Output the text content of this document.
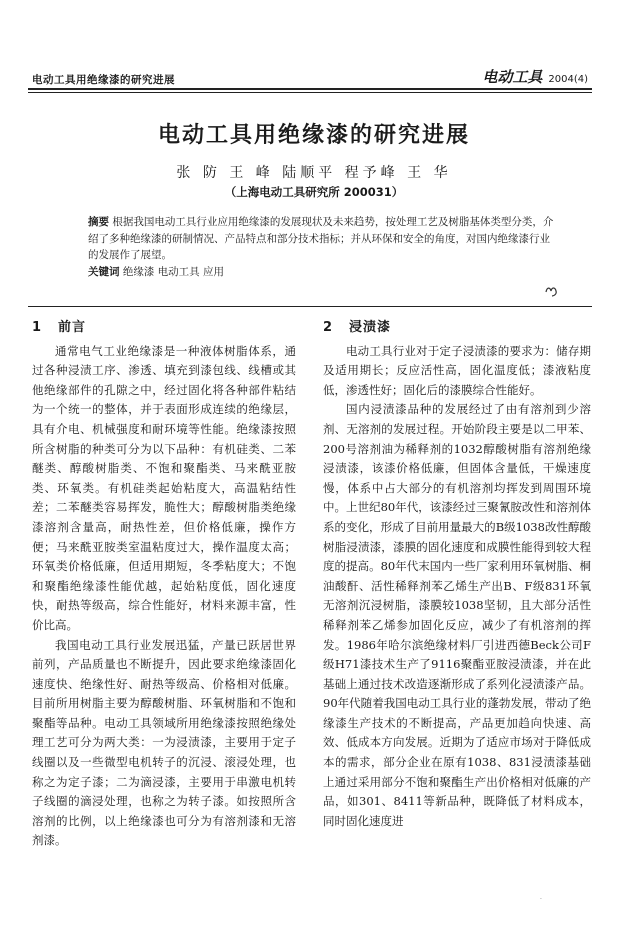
电动工具用绝缘漆的研究进展	电动工具 2004(4)
电动工具用绝缘漆的研究进展
张 防 王 峰 陆顺平 程予峰 王 华
（上海电动工具研究所 200031）
摘要 根据我国电动工具行业应用绝缘漆的发展现状及未来趋势，按处理工艺及树脂基体类型分类，介绍了多种绝缘漆的研制情况、产品特点和部分技术指标；并从环保和安全的角度，对国内绝缘漆行业的发展作了展望。
关键词 绝缘漆 电动工具 应用
1 前言

通常电气工业绝缘漆是一种液体树脂体系，通过各种浸渍工序、渗透、填充到漆包线、线槽或其他绝缘部件的孔隙之中，经过固化将各种部件粘结为一个统一的整体，并于表面形成连续的绝缘层，具有介电、机械强度和耐环境等性能。绝缘漆按照所含树脂的种类可分为以下品种：有机硅类、二苯醚类、醇酸树脂类、不饱和聚酯类、马来酰亚胺类、环氧类。有机硅类起始粘度大，高温粘结性差；二苯醚类容易挥发，脆性大；醇酸树脂类绝缘漆溶剂含量高，耐热性差，但价格低廉，操作方便；马来酰亚胺类室温粘度过大，操作温度太高；环氧类价格低廉，但适用期短，冬季粘度大；不饱和聚酯绝缘漆性能优越，起始粘度低，固化速度快，耐热等级高，综合性能好，材料来源丰富，性价比高。

我国电动工具行业发展迅猛，产量已跃居世界前列，产品质量也不断提升，因此要求绝缘漆固化速度快、绝缘性好、耐热等级高、价格相对低廉。目前所用树脂主要为醇酸树脂、环氧树脂和不饱和聚酯等品种。电动工具领域所用绝缘漆按照绝缘处理工艺可分为两大类：一为浸渍漆，主要用于定子线圈以及一些微型电机转子的沉浸、滚浸处理，也称之为定子漆；二为滴浸漆，主要用于串激电机转子线圈的滴浸处理，也称之为转子漆。如按照所含溶剂的比例，以上绝缘漆也可分为有溶剂漆和无溶剂漆。

2 浸渍漆

电动工具行业对于定子浸渍漆的要求为：储存期及适用期长；反应活性高，固化温度低；漆液粘度低，渗透性好；固化后的漆膜综合性能好。

国内浸渍漆品种的发展经过了由有溶剂到少溶剂、无溶剂的发展过程。开始阶段主要是以二甲苯、200号溶剂油为稀释剂的1032醇酸树脂有溶剂绝缘浸渍漆，该漆价格低廉，但固体含量低，干燥速度慢，体系中占大部分的有机溶剂均挥发到周围环境中。上世纪80年代，该漆经过三聚氰胺改性和溶剂体系的变化，形成了目前用量最大的B级1038改性醇酸树脂浸渍漆，漆膜的固化速度和成膜性能得到较大程度的提高。80年代末国内一些厂家利用环氧树脂、桐油酸酐、活性稀释剂苯乙烯生产出B、F级831环氧无溶剂沉浸树脂，漆膜较1038坚韧，且大部分活性稀释剂苯乙烯参加固化反应，减少了有机溶剂的挥发。1986年哈尔滨绝缘材料厂引进西德Beck公司F级H71漆技术生产了9116聚酯亚胺浸渍漆，并在此基础上通过技术改造逐渐形成了系列化浸渍漆产品。90年代随着我国电动工具行业的蓬勃发展，带动了绝缘漆生产技术的不断提高，产品更加趋向快速、高效、低成本方向发展。近期为了适应市场对于降低成本的需求，部分企业在原有1038、831浸渍漆基础上通过采用部分不饱和聚酯生产出价格相对低廉的产品，如301、8411等新品种，既降低了材料成本，同时固化速度进

·
